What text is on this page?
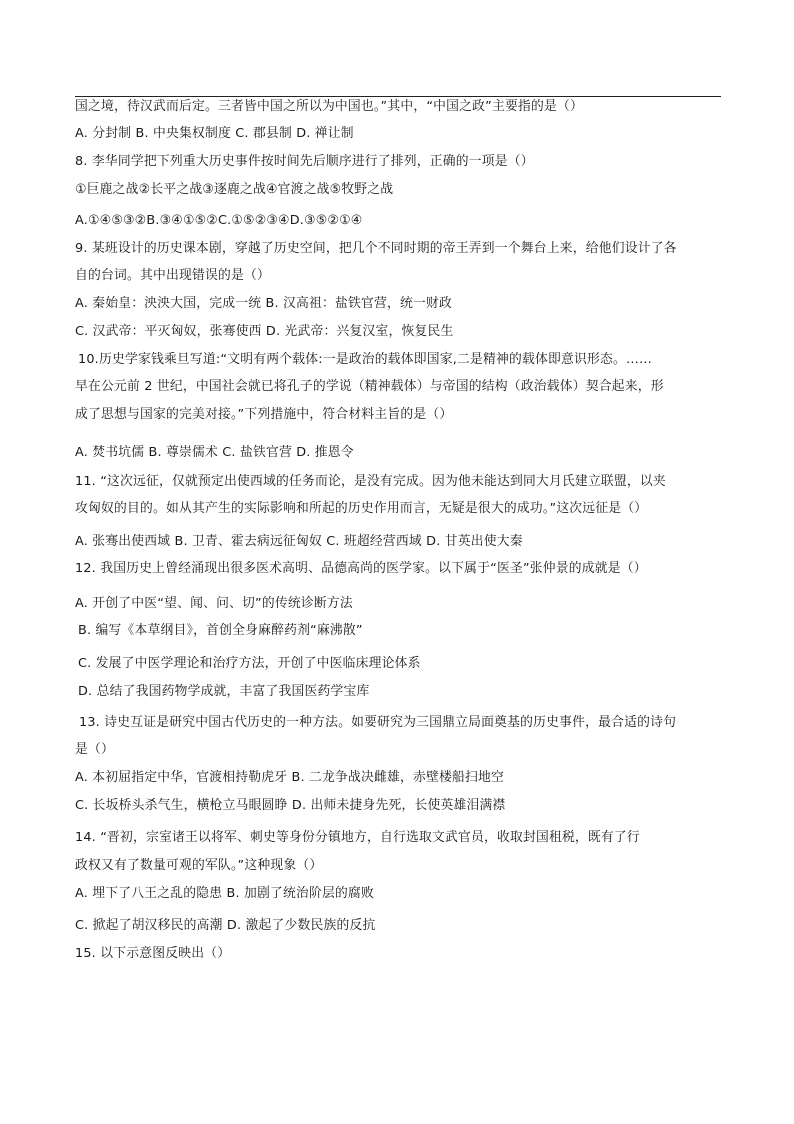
国之境，待汉武而后定。三者皆中国之所以为中国也。”其中，“中国之政”主要指的是（）
A. 分封制 B. 中央集权制度 C. 郡县制 D. 禅让制
8. 李华同学把下列重大历史事件按时间先后顺序进行了排列，正确的一项是（）
①巨鹿之战②长平之战③逐鹿之战④官渡之战⑤牧野之战
A.①④⑤③②B.③④①⑤②C.①⑤②③④D.③⑤②①④
9. 某班设计的历史课本剧，穿越了历史空间，把几个不同时期的帝王弄到一个舞台上来，给他们设计了各
自的台词。其中出现错误的是（）
A. 秦始皇：泱泱大国，完成一统 B. 汉高祖：盐铁官营，统一财政
C. 汉武帝：平灭匈奴，张骞使西 D. 光武帝：兴复汉室，恢复民生
10.历史学家钱乘旦写道:“文明有两个载体:一是政治的载体即国家,二是精神的载体即意识形态。……
早在公元前 2 世纪，中国社会就已将孔子的学说（精神载体）与帝国的结构（政治载体）契合起来，形
成了思想与国家的完美对接。”下列措施中，符合材料主旨的是（）
A. 焚书坑儒 B. 尊崇儒术 C. 盐铁官营 D. 推恩令
11. “这次远征，仅就预定出使西域的任务而论，是没有完成。因为他未能达到同大月氏建立联盟，以夹
攻匈奴的目的。如从其产生的实际影响和所起的历史作用而言，无疑是很大的成功。”这次远征是（）
A. 张骞出使西域 B. 卫青、霍去病远征匈奴 C. 班超经营西域 D. 甘英出使大秦
12. 我国历史上曾经涌现出很多医术高明、品德高尚的医学家。以下属于“医圣”张仲景的成就是（）
A. 开创了中医“望、闻、问、切”的传统诊断方法
B. 编写《本草纲目》，首创全身麻醉药剂“麻沸散”
C. 发展了中医学理论和治疗方法，开创了中医临床理论体系
D. 总结了我国药物学成就，丰富了我国医药学宝库
13. 诗史互证是研究中国古代历史的一种方法。如要研究为三国鼎立局面奠基的历史事件，最合适的诗句
是（）
A. 本初屈指定中华，官渡相持勒虎牙 B. 二龙争战决雌雄，赤壁楼船扫地空
C. 长坂桥头杀气生，横枪立马眼圆睁 D. 出师未捷身先死，长使英雄泪满襟
14. “晋初，宗室诸王以将军、刺史等身份分镇地方，自行选取文武官员，收取封国租税，既有了行
政权又有了数量可观的军队。”这种现象（）
A. 埋下了八王之乱的隐患 B. 加剧了统治阶层的腐败
C. 掀起了胡汉移民的高潮 D. 激起了少数民族的反抗
15. 以下示意图反映出（）
